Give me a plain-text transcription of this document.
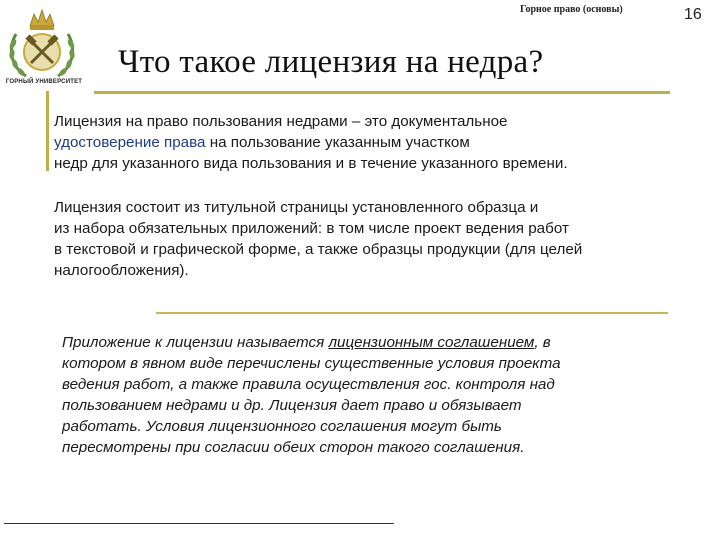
ГОРНЫЙ УНИВЕРСИТЕТ
Горное право (основы)	16
Что такое лицензия на недра?
Лицензия на право пользования недрами – это документальное
удостоверение права на пользование указанным участком
недр для указанного вида пользования и в течение указанного времени.
Лицензия состоит из титульной страницы установленного образца и
из набора обязательных приложений: в том числе проект ведения работ
в текстовой и графической форме, а также образцы продукции (для целей
налогообложения).
Приложение к лицензии называется лицензионным соглашением, в
котором в явном виде перечислены существенные условия проекта
ведения работ, а также правила осуществления гос. контроля над
пользованием недрами и др. Лицензия дает право и обязывает
работать. Условия лицензионного соглашения могут быть
пересмотрены при согласии обеих сторон такого соглашения.
